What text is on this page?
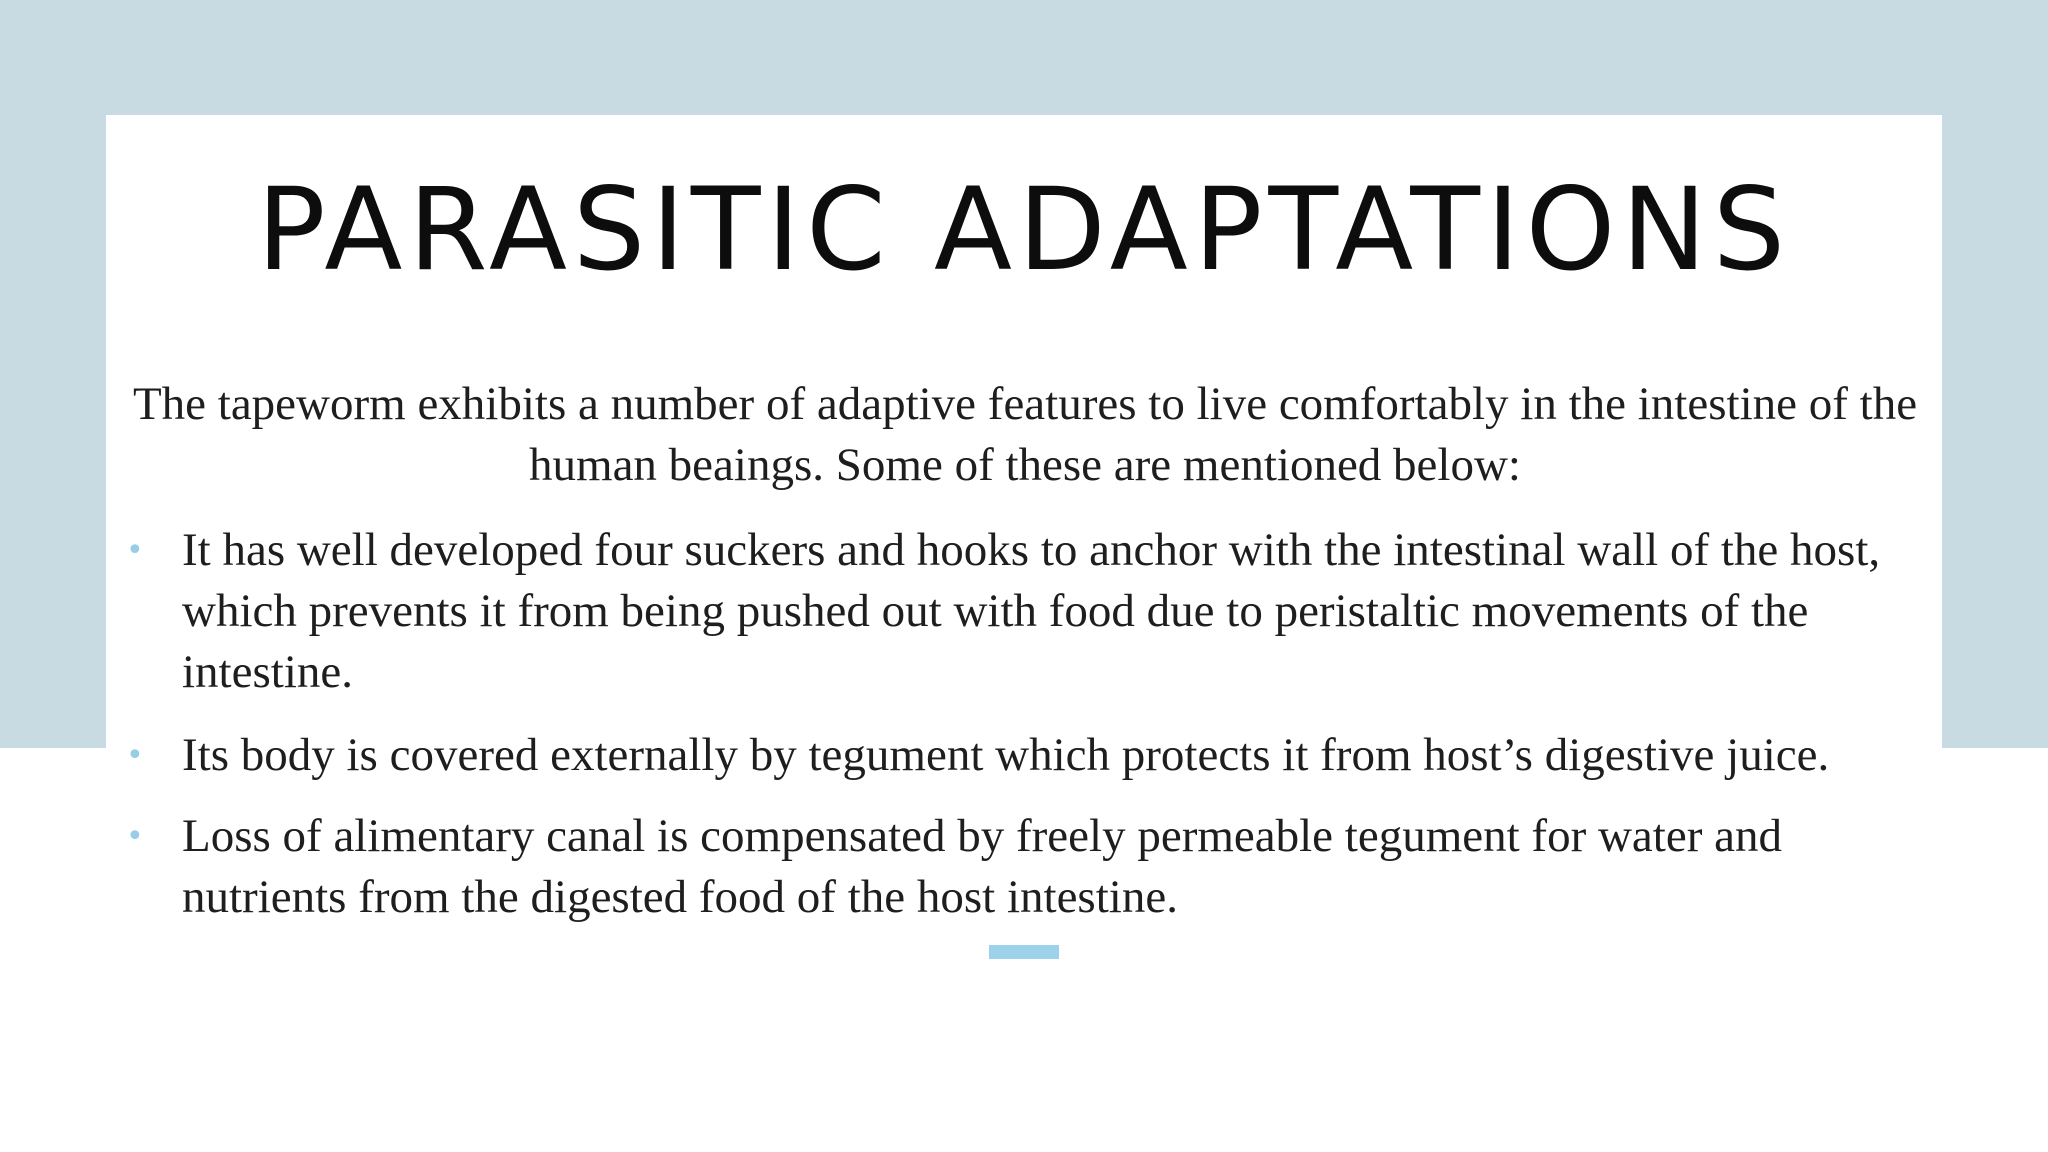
PARASITIC ADAPTATIONS

The tapeworm exhibits a number of adaptive features to live comfortably in the intestine of the human beaings. Some of these are mentioned below:

• It has well developed four suckers and hooks to anchor with the intestinal wall of the host, which prevents it from being pushed out with food due to peristaltic movements of the intestine.
• Its body is covered externally by tegument which protects it from host’s digestive juice.
• Loss of alimentary canal is compensated by freely permeable tegument for water and nutrients from the digested food of the host intestine.
